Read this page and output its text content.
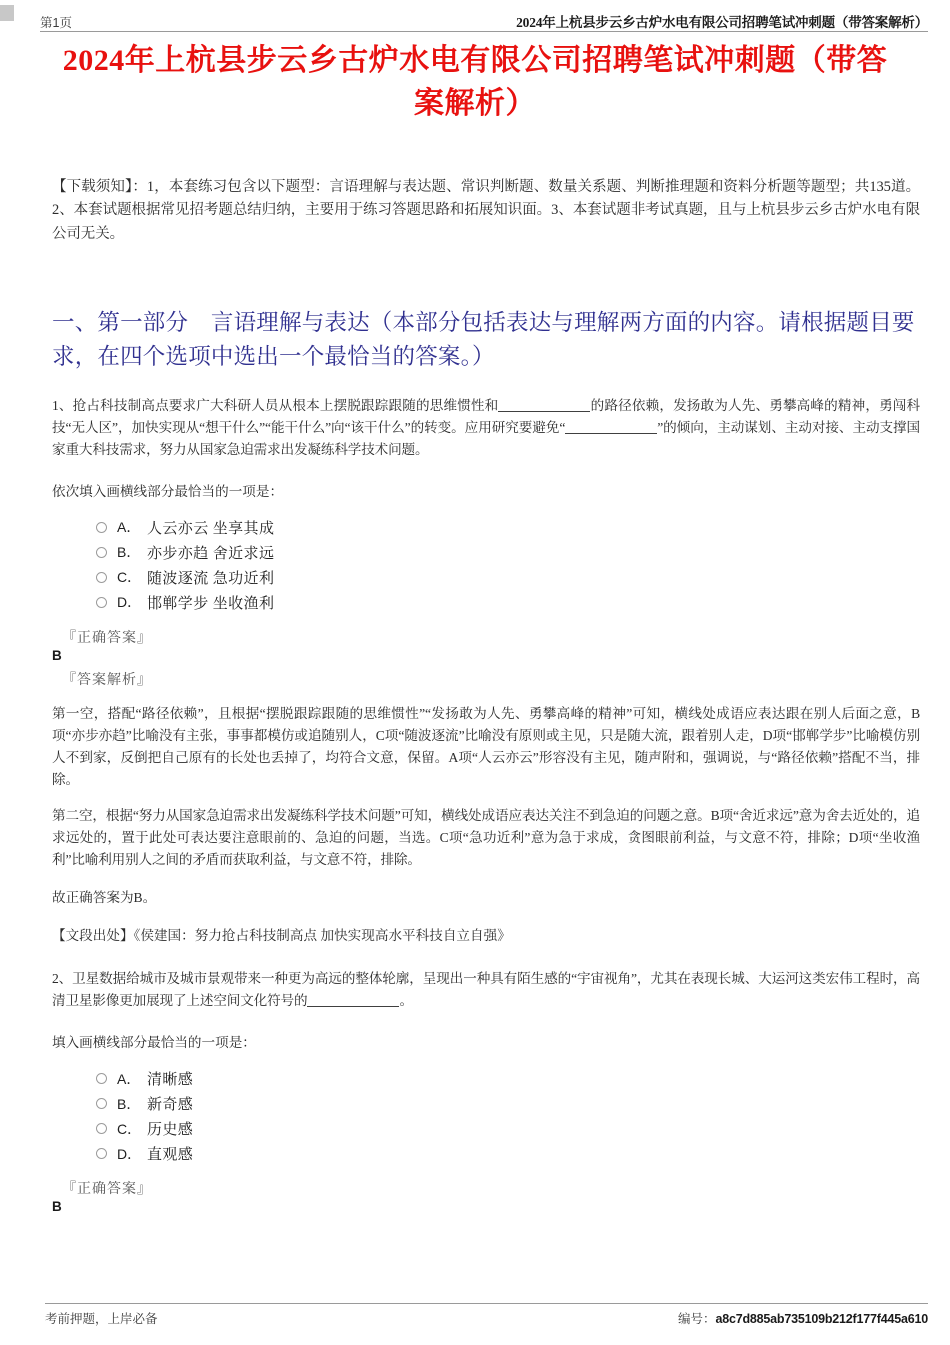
第1页	2024年上杭县步云乡古炉水电有限公司招聘笔试冲刺题（带答案解析）
2024年上杭县步云乡古炉水电有限公司招聘笔试冲刺题（带答案解析）
【下载须知】：1，本套练习包含以下题型：言语理解与表达题、常识判断题、数量关系题、判断推理题和资料分析题等题型；共135道。2、本套试题根据常见招考题总结归纳，主要用于练习答题思路和拓展知识面。3、本套试题非考试真题，且与上杭县步云乡古炉水电有限公司无关。
一、第一部分　言语理解与表达（本部分包括表达与理解两方面的内容。请根据题目要求，在四个选项中选出一个最恰当的答案。）
1、抢占科技制高点要求广大科研人员从根本上摆脱跟踪跟随的思维惯性和	的路径依赖，发扬敢为人先、勇攀高峰的精神，勇闯科技“无人区”，加快实现从“想干什么”“能干什么”向“该干什么”的转变。应用研究要避免“	”的倾向，主动谋划、主动对接、主动支撑国家重大科技需求，努力从国家急迫需求出发凝练科学技术问题。
依次填入画横线部分最恰当的一项是：
A． 人云亦云 坐享其成
B． 亦步亦趋 舍近求远
C． 随波逐流 急功近利
D． 邯郸学步 坐收渔利
『正确答案』
B
『答案解析』
第一空，搭配“路径依赖”，且根据“摆脱跟踪跟随的思维惯性”“发扬敢为人先、勇攀高峰的精神”可知，横线处成语应表达跟在别人后面之意，B项“亦步亦趋”比喻没有主张，事事都模仿或追随别人，C项“随波逐流”比喻没有原则或主见，只是随大流，跟着别人走，D项“邯郸学步”比喻模仿别人不到家，反倒把自己原有的长处也丢掉了，均符合文意，保留。A项“人云亦云”形容没有主见，随声附和，强调说，与“路径依赖”搭配不当，排除。
第二空，根据“努力从国家急迫需求出发凝练科学技术问题”可知，横线处成语应表达关注不到急迫的问题之意。B项“舍近求远”意为舍去近处的，追求远处的，置于此处可表达要注意眼前的、急迫的问题，当选。C项“急功近利”意为急于求成，贪图眼前利益，与文意不符，排除；D项“坐收渔利”比喻利用别人之间的矛盾而获取利益，与文意不符，排除。
故正确答案为B。
【文段出处】《侯建国：努力抢占科技制高点 加快实现高水平科技自立自强》
2、卫星数据给城市及城市景观带来一种更为高远的整体轮廓，呈现出一种具有陌生感的“宇宙视角”，尤其在表现长城、大运河这类宏伟工程时，高清卫星影像更加展现了上述空间文化符号的	。
填入画横线部分最恰当的一项是：
A． 清晰感
B． 新奇感
C． 历史感
D． 直观感
『正确答案』
B
考前押题，上岸必备	编号：a8c7d885ab735109b212f177f445a610
